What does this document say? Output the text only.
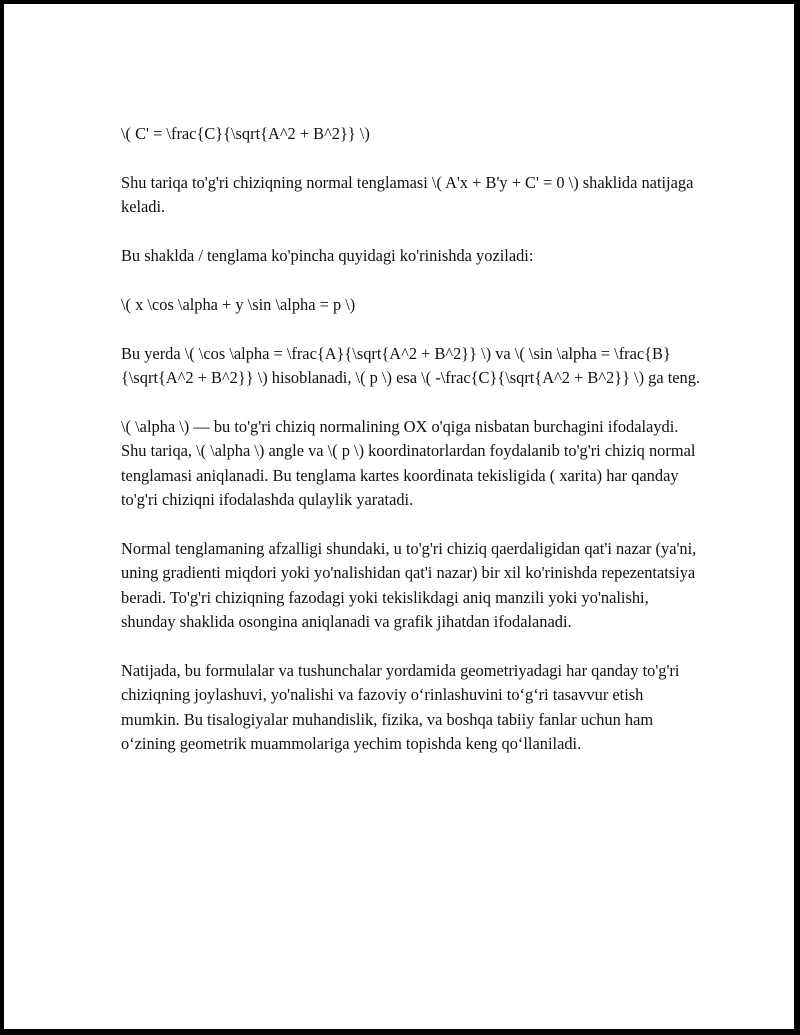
\( C' = \frac{C}{\sqrt{A^2 + B^2}} \)

Shu tariqa to'g'ri chiziqning normal tenglamasi \( A'x + B'y + C' = 0 \) shaklida natijaga keladi.

Bu shaklda / tenglama ko'pincha quyidagi ko'rinishda yoziladi:

\( x \cos \alpha + y \sin \alpha = p \)

Bu yerda \( \cos \alpha = \frac{A}{\sqrt{A^2 + B^2}} \) va \( \sin \alpha = \frac{B}{\sqrt{A^2 + B^2}} \) hisoblanadi, \( p \) esa \( -\frac{C}{\sqrt{A^2 + B^2}} \) ga teng.

\( \alpha \) — bu to'g'ri chiziq normalining OX o'qiga nisbatan burchagini ifodalaydi. Shu tariqa, \( \alpha \) angle va \( p \) koordinatorlardan foydalanib to'g'ri chiziq normal tenglamasi aniqlanadi. Bu tenglama kartes koordinata tekisligida ( xarita) har qanday to'g'ri chiziqni ifodalashda qulaylik yaratadi.

Normal tenglamaning afzalligi shundaki, u to'g'ri chiziq qaerdaligidan qat'i nazar (ya'ni, uning gradienti miqdori yoki yo'nalishidan qat'i nazar) bir xil ko'rinishda repezentatsiya beradi. To'g'ri chiziqning fazodagi yoki tekislikdagi aniq manzili yoki yo'nalishi, shunday shaklida osongina aniqlanadi va grafik jihatdan ifodalanadi.

Natijada, bu formulalar va tushunchalar yordamida geometriyadagi har qanday to'g'ri chiziqning joylashuvi, yo'nalishi va fazoviy o‘rinlashuvini to‘g‘ri tasavvur etish mumkin. Bu tisalogiyalar muhandislik, fizika, va boshqa tabiiy fanlar uchun ham o‘zining geometrik muammolariga yechim topishda keng qo‘llaniladi.
